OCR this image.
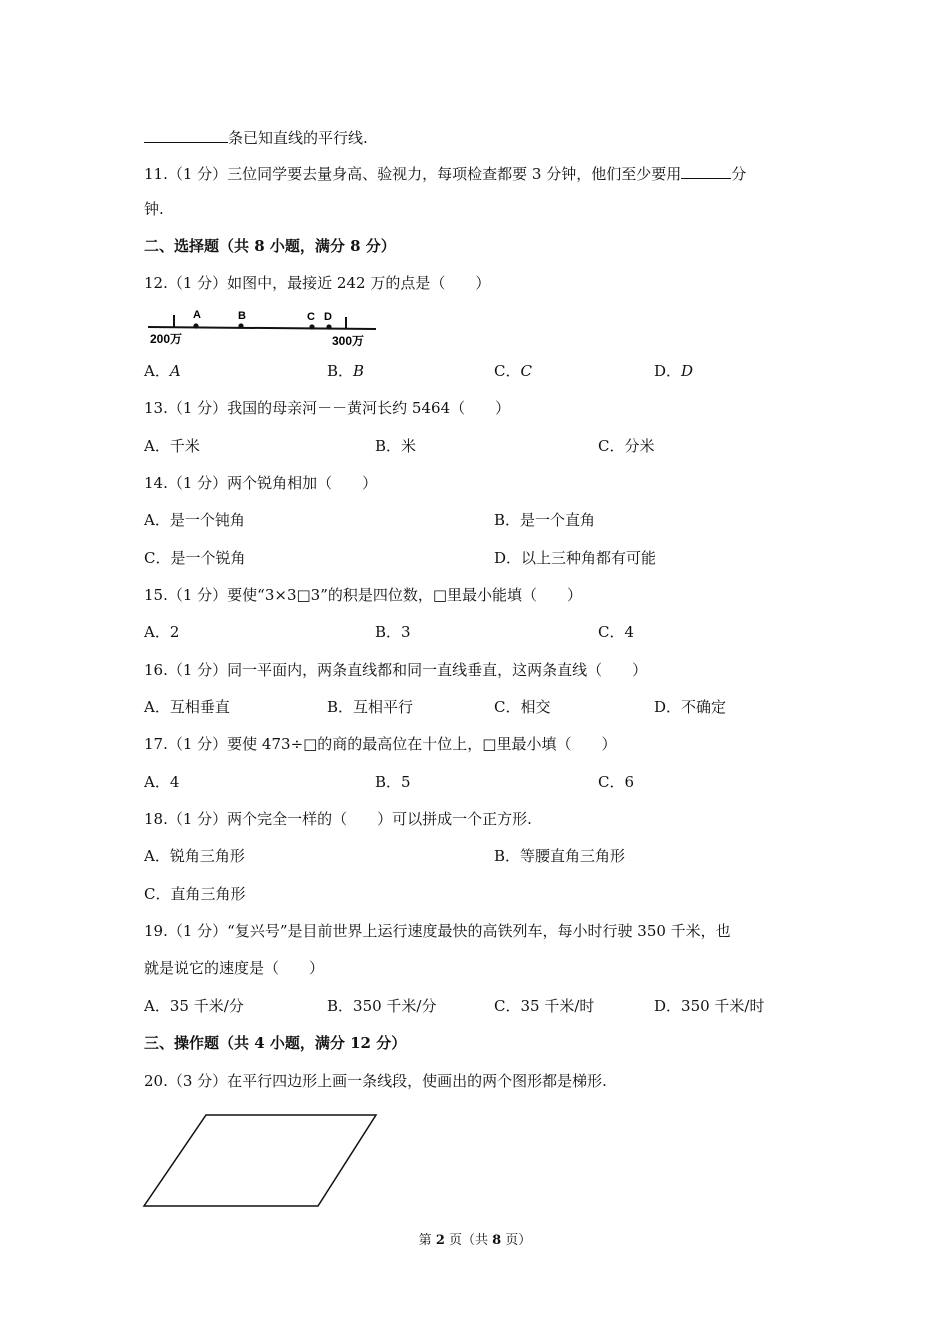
条已知直线的平行线.
11.（1 分）三位同学要去量身高、验视力，每项检查都要 3 分钟，他们至少要用	分
钟.
二、选择题（共 8 小题，满分 8 分）
12.（1 分）如图中，最接近 242 万的点是（　　）
A	B	C D
200万	300万
A．A	B．B	C．C	D．D
13.（1 分）我国的母亲河－－黄河长约 5464（　　）
A．千米	B．米	C．分米
14.（1 分）两个锐角相加（　　）
A．是一个钝角	B．是一个直角
C．是一个锐角	D．以上三种角都有可能
15.（1 分）要使“3×3□3”的积是四位数，□里最小能填（　　）
A．2	B．3	C．4
16.（1 分）同一平面内，两条直线都和同一直线垂直，这两条直线（　　）
A．互相垂直	B．互相平行	C．相交	D．不确定
17.（1 分）要使 473÷□的商的最高位在十位上，□里最小填（　　）
A．4	B．5	C．6
18.（1 分）两个完全一样的（　　）可以拼成一个正方形.
A．锐角三角形	B．等腰直角三角形
C．直角三角形
19.（1 分）“复兴号”是目前世界上运行速度最快的高铁列车，每小时行驶 350 千米，也
就是说它的速度是（　　）
A．35 千米/分	B．350 千米/分	C．35 千米/时	D．350 千米/时
三、操作题（共 4 小题，满分 12 分）
20.（3 分）在平行四边形上画一条线段，使画出的两个图形都是梯形.
第 2 页（共 8 页）
